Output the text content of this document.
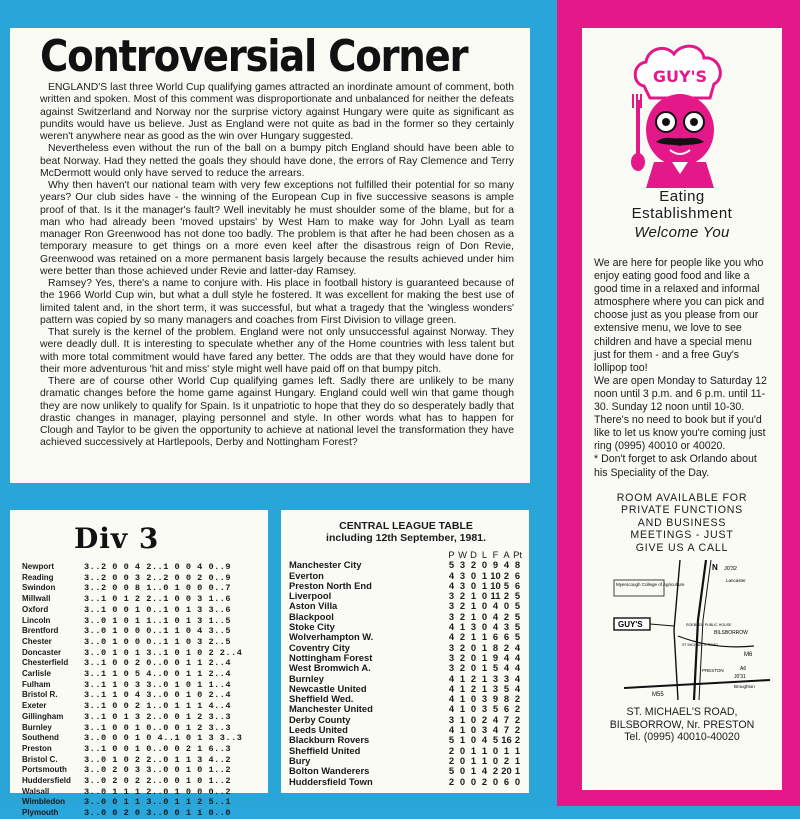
Controversial Corner

ENGLAND'S last three World Cup qualifying games attracted an inordinate amount of comment, both written and spoken. Most of this comment was disproportionate and unbalanced for neither the defeats against Switzerland and Norway nor the surprise victory against Hungary were quite as significant as pundits would have us believe. Just as England were not quite as bad in the former so they certainly weren't anywhere near as good as the win over Hungary suggested.

Nevertheless even without the run of the ball on a bumpy pitch England should have been able to beat Norway. Had they netted the goals they should have done, the errors of Ray Clemence and Terry McDermott would only have served to reduce the arrears.

Why then haven't our national team with very few exceptions not fulfilled their potential for so many years? Our club sides have - the winning of the European Cup in five successive seasons is ample proof of that. Is it the manager's fault? Well inevitably he must shoulder some of the blame, but for a man who had already been 'moved upstairs' by West Ham to make way for John Lyall as team manager Ron Greenwood has not done too badly. The problem is that after he had been chosen as a temporary measure to get things on a more even keel after the disastrous reign of Don Revie, Greenwood was retained on a more permanent basis largely because the results achieved under him were better than those achieved under Revie and latter-day Ramsey.

Ramsey? Yes, there's a name to conjure with. His place in football history is guaranteed because of the 1966 World Cup win, but what a dull style he fostered. It was excellent for making the best use of limited talent and, in the short term, it was successful, but what a tragedy that the 'wingless wonders' pattern was copied by so many managers and coaches from First Division to village green.

That surely is the kernel of the problem. England were not only unsuccessful against Norway. They were deadly dull. It is interesting to speculate whether any of the Home countries with less talent but with more total commitment would have fared any better. The odds are that they would have done for their more adventurous 'hit and miss' style might well have paid off on that bumpy pitch.

There are of course other World Cup qualifying games left. Sadly there are unlikely to be many dramatic changes before the home game against Hungary. England could well win that game though they are now unlikely to qualify for Spain. Is it unpatriotic to hope that they do so desperately badly that drastic changes in manager, playing personnel and style. In other words what has to happen for Clough and Taylor to be given the opportunity to achieve at national level the transformation they have achieved successively at Hartlepools, Derby and Nottingham Forest?

Div 3
Newport	3..2 0 0 4 2..1 0 0 4 0..9
Reading	3..2 0 0 3 2..2 0 0 2 0..9
Swindon	3..2 0 0 8 1..0 1 0 0 0..7
Millwall	3..1 0 1 2 2..1 0 0 3 1..6
Oxford	3..1 0 0 1 0..1 0 1 3 3..6
Lincoln	3..0 1 0 1 1..1 0 1 3 1..5
Brentford	3..0 1 0 0 0..1 1 0 4 3..5
Chester	3..0 1 0 0 0..1 1 0 3 2..5
Doncaster	3..0 1 0 1 3..1 0 1 0 2 2..4
Chesterfield	3..1 0 0 2 0..0 0 1 1 2..4
Carlisle	3..1 1 0 5 4..0 0 1 1 2..4
Fulham	3..1 1 0 3 3..0 1 0 1 1..4
Bristol R.	3..1 1 0 4 3..0 0 1 0 2..4
Exeter	3..1 0 0 2 1..0 1 1 1 4..4
Gillingham	3..1 0 1 3 2..0 0 1 2 3..3
Burnley	3..1 0 0 1 0..0 0 1 2 3..3
Southend	3..0 0 0 1 0 4..1 0 1 3 3..3
Preston	3..1 0 0 1 0..0 0 2 1 6..3
Bristol C.	3..0 1 0 2 2..0 1 1 3 4..2
Portsmouth	3..0 2 0 3 3..0 0 1 0 1..2
Huddersfield	3..0 2 0 2 2..0 0 1 0 1..2
Walsall	3..0 1 1 1 2..0 1 0 0 0..2
Wimbledon	3..0 0 1 1 3..0 1 1 2 5..1
Plymouth	3..0 0 2 0 3..0 0 1 1 0..0
CENTRAL LEAGUE TABLE
including 12th September, 1981.
	P	W	D	L	F	A	Pt
Manchester City	5	3	2	0	9	4	8
Everton	4	3	0	1	10	2	6
Preston North End	4	3	0	1	10	5	6
Liverpool	3	2	1	0	11	2	5
Aston Villa	3	2	1	0	4	0	5
Blackpool	3	2	1	0	4	2	5
Stoke City	4	1	3	0	4	3	5
Wolverhampton W.	4	2	1	1	6	6	5
Coventry City	3	2	0	1	8	2	4
Nottingham Forest	3	2	0	1	9	4	4
West Bromwich A.	3	2	0	1	5	4	4
Burnley	4	1	2	1	3	3	4
Newcastle United	4	1	2	1	3	5	4
Sheffield Wed.	4	1	0	3	9	8	2
Manchester United	4	1	0	3	5	6	2
Derby County	3	1	0	2	4	7	2
Leeds United	4	1	0	3	4	7	2
Blackburn Rovers	5	1	0	4	5	16	2
Sheffield United	2	0	1	1	0	1	1
Bury	2	0	1	1	0	2	1
Bolton Wanderers	5	0	1	4	2	20	1
Huddersfield Town	2	0	0	2	0	6	0
GUY'S
Eating
Establishment
Welcome You

We are here for people like you who enjoy eating good food and like a good time in a relaxed and informal atmosphere where you can pick and choose just as you please from our extensive menu, we love to see children and have a special menu just for them - and a free Guy's lollipop too!

We are open Monday to Saturday 12 noon until 3 p.m. and 6 p.m. until 11-30. Sunday 12 noon until 10-30.

There's no need to book but if you'd like to let us know you're coming just ring (0995) 40010 or 40020.

* Don't forget to ask Orlando about his Speciality of the Day.

ROOM AVAILABLE FOR
PRIVATE FUNCTIONS
AND BUSINESS
MEETINGS - JUST
GIVE US A CALL
Myerscough College of Agriculture
GUY'S
N J0'32
Lancaster
ROEBUCK PUBLIC HOUSE
ST MICHAEL'S ROAD
BILSBORROW
M6
A6
PRESTON
M55
J0'31
Broughton
ST. MICHAEL'S ROAD,
BILSBORROW, Nr. PRESTON
Tel. (0995) 40010-40020
